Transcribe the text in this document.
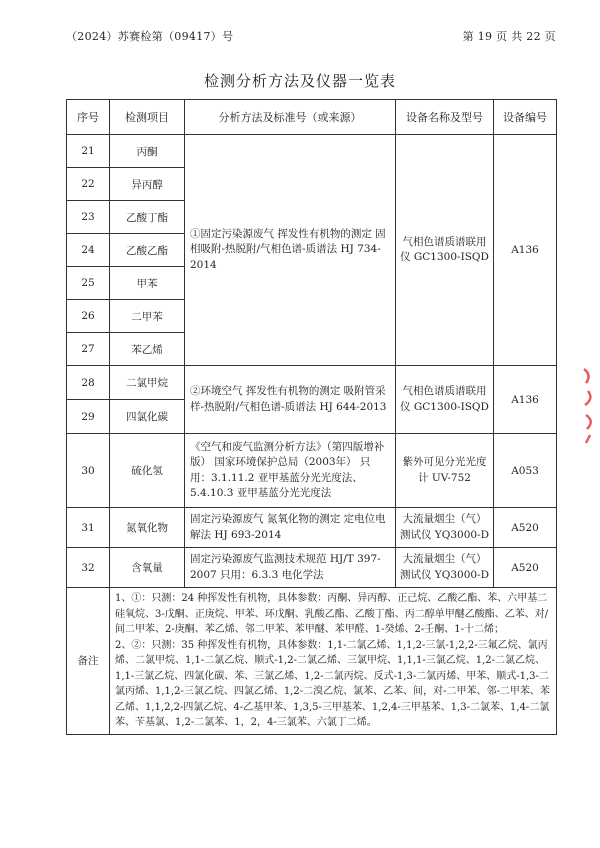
（2024）苏赛检第（09417）号	第 19 页 共 22 页
检测分析方法及仪器一览表
序号	检测项目	分析方法及标准号（或来源）	设备名称及型号	设备编号
21	丙酮	①固定污染源废气 挥发性有机物的测定 固相吸附-热脱附/气相色谱-质谱法 HJ 734-2014	气相色谱质谱联用仪 GC1300-ISQD	A136
22	异丙醇			
23	乙酸丁酯			
24	乙酸乙酯			
25	甲苯			
26	二甲苯			
27	苯乙烯			
28	二氯甲烷	②环境空气 挥发性有机物的测定 吸附管采样-热脱附/气相色谱-质谱法 HJ 644-2013	气相色谱质谱联用仪 GC1300-ISQD	A136
29	四氯化碳			
30	硫化氢	《空气和废气监测分析方法》（第四版增补版） 国家环境保护总局（2003年） 只用：3.1.11.2 亚甲基蓝分光光度法、5.4.10.3 亚甲基蓝分光光度法	紫外可见分光光度计 UV-752	A053
31	氮氧化物	固定污染源废气 氮氧化物的测定 定电位电解法 HJ 693-2014	大流量烟尘（气）测试仪 YQ3000-D	A520
32	含氧量	固定污染源废气监测技术规范 HJ/T 397-2007 只用：6.3.3 电化学法	大流量烟尘（气）测试仪 YQ3000-D	A520
备注	1、①：只测：24 种挥发性有机物，具体参数：丙酮、异丙醇、正己烷、乙酸乙酯、苯、六甲基二硅氧烷、3-戊酮、正庚烷、甲苯、环戊酮、乳酸乙酯、乙酸丁酯、丙二醇单甲醚乙酸酯、乙苯、对/间二甲苯、2-庚酮、苯乙烯、邻二甲苯、苯甲醚、苯甲醛、1-癸烯、2-壬酮、1-十二烯；

2、②：只测：35 种挥发性有机物，具体参数：1,1-二氯乙烯、1,1,2-三氯-1,2,2-三氟乙烷、氯丙烯、二氯甲烷、1,1-二氯乙烷、顺式-1,2-二氯乙烯、三氯甲烷、1,1,1-三氯乙烷、1,2-二氯乙烷、1,1-三氯乙烷、四氯化碳、苯、三氯乙烯、1,2-二氯丙烷、反式-1,3-二氯丙烯、甲苯、顺式-1,3-二氯丙烯、1,1,2-三氯乙烷、四氯乙烯、1,2-二溴乙烷、氯苯、乙苯、间，对-二甲苯、邻-二甲苯、苯乙烯、1,1,2,2-四氯乙烷、4-乙基甲苯、1,3,5-三甲基苯、1,2,4-三甲基苯、1,3-二氯苯、1,4-二氯苯、苄基氯、1,2-二氯苯、1，2，4-三氯苯、六氯丁二烯。			
